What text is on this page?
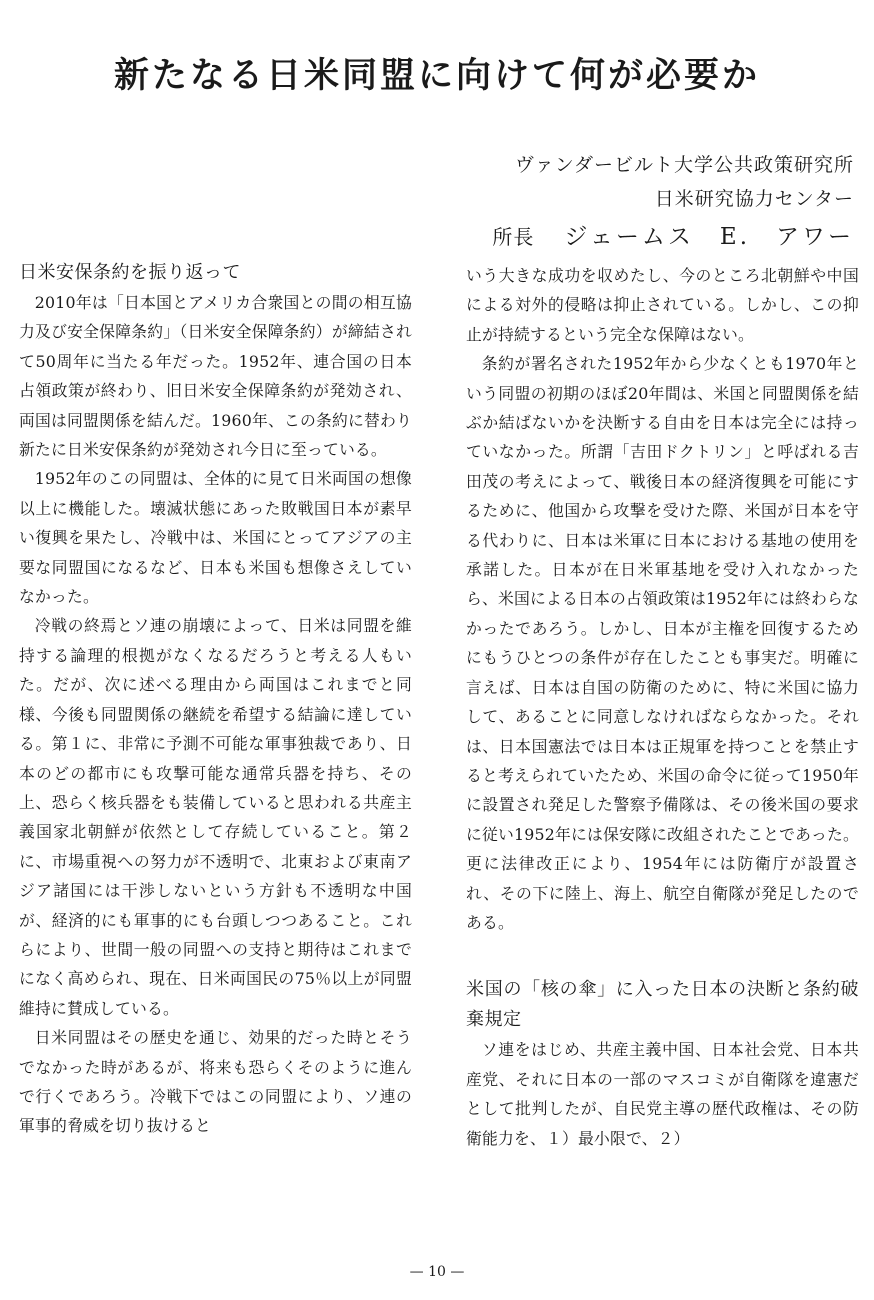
新たなる日米同盟に向けて何が必要か
ヴァンダービルト大学公共政策研究所
日米研究協力センター
所長 ジェームス　E.　アワー
日米安保条約を振り返って

2010年は「日本国とアメリカ合衆国との間の相互協力及び安全保障条約」（日米安全保障条約）が締結されて50周年に当たる年だった。1952年、連合国の日本占領政策が終わり、旧日米安全保障条約が発効され、両国は同盟関係を結んだ。1960年、この条約に替わり新たに日米安保条約が発効され今日に至っている。

1952年のこの同盟は、全体的に見て日米両国の想像以上に機能した。壊滅状態にあった敗戦国日本が素早い復興を果たし、冷戦中は、米国にとってアジアの主要な同盟国になるなど、日本も米国も想像さえしていなかった。

冷戦の終焉とソ連の崩壊によって、日米は同盟を維持する論理的根拠がなくなるだろうと考える人もいた。だが、次に述べる理由から両国はこれまでと同様、今後も同盟関係の継続を希望する結論に達している。第１に、非常に予測不可能な軍事独裁であり、日本のどの都市にも攻撃可能な通常兵器を持ち、その上、恐らく核兵器をも装備していると思われる共産主義国家北朝鮮が依然として存続していること。第２に、市場重視への努力が不透明で、北東および東南アジア諸国には干渉しないという方針も不透明な中国が、経済的にも軍事的にも台頭しつつあること。これらにより、世間一般の同盟への支持と期待はこれまでになく高められ、現在、日米両国民の75％以上が同盟維持に賛成している。

日米同盟はその歴史を通じ、効果的だった時とそうでなかった時があるが、将来も恐らくそのように進んで行くであろう。冷戦下ではこの同盟により、ソ連の軍事的脅威を切り抜けると

いう大きな成功を収めたし、今のところ北朝鮮や中国による対外的侵略は抑止されている。しかし、この抑止が持続するという完全な保障はない。

条約が署名された1952年から少なくとも1970年という同盟の初期のほぼ20年間は、米国と同盟関係を結ぶか結ばないかを決断する自由を日本は完全には持っていなかった。所謂「吉田ドクトリン」と呼ばれる吉田茂の考えによって、戦後日本の経済復興を可能にするために、他国から攻撃を受けた際、米国が日本を守る代わりに、日本は米軍に日本における基地の使用を承諾した。日本が在日米軍基地を受け入れなかったら、米国による日本の占領政策は1952年には終わらなかったであろう。しかし、日本が主権を回復するためにもうひとつの条件が存在したことも事実だ。明確に言えば、日本は自国の防衛のために、特に米国に協力して、あることに同意しなければならなかった。それは、日本国憲法では日本は正規軍を持つことを禁止すると考えられていたため、米国の命令に従って1950年に設置され発足した警察予備隊は、その後米国の要求に従い1952年には保安隊に改組されたことであった。更に法律改正により、1954年には防衛庁が設置され、その下に陸上、海上、航空自衛隊が発足したのである。

米国の「核の傘」に入った日本の決断と条約破棄規定

ソ連をはじめ、共産主義中国、日本社会党、日本共産党、それに日本の一部のマスコミが自衛隊を違憲だとして批判したが、自民党主導の歴代政権は、その防衛能力を、１）最小限で、２）

— 10 —
